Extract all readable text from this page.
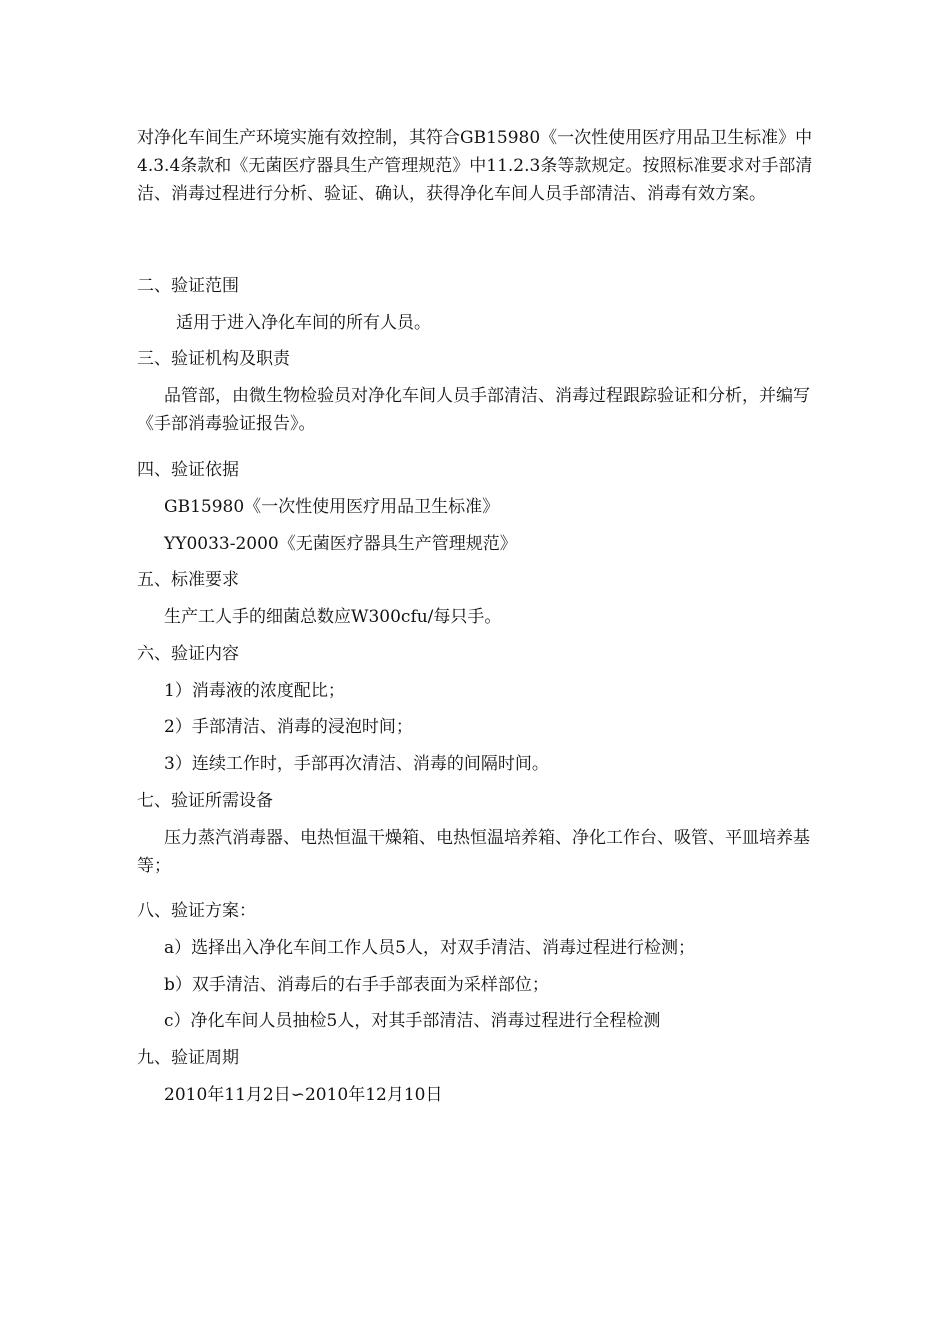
对净化车间生产环境实施有效控制，其符合GB15980《一次性使用医疗用品卫生标准》中4.3.4条款和《无菌医疗器具生产管理规范》中11.2.3条等款规定。按照标准要求对手部清洁、消毒过程进行分析、验证、确认，获得净化车间人员手部清洁、消毒有效方案。

二、验证范围

适用于进入净化车间的所有人员。

三、验证机构及职责

品管部，由微生物检验员对净化车间人员手部清洁、消毒过程跟踪验证和分析，并编写《手部消毒验证报告》。

四、验证依据

GB15980《一次性使用医疗用品卫生标准》

YY0033-2000《无菌医疗器具生产管理规范》

五、标准要求

生产工人手的细菌总数应W300cfu/每只手。

六、验证内容

1）消毒液的浓度配比；

2）手部清洁、消毒的浸泡时间；

3）连续工作时，手部再次清洁、消毒的间隔时间。

七、验证所需设备

压力蒸汽消毒器、电热恒温干燥箱、电热恒温培养箱、净化工作台、吸管、平皿培养基等；

八、验证方案：

a）选择出入净化车间工作人员5人，对双手清洁、消毒过程进行检测；

b）双手清洁、消毒后的右手手部表面为采样部位；

c）净化车间人员抽检5人，对其手部清洁、消毒过程进行全程检测

九、验证周期

2010年11月2日∽2010年12月10日
